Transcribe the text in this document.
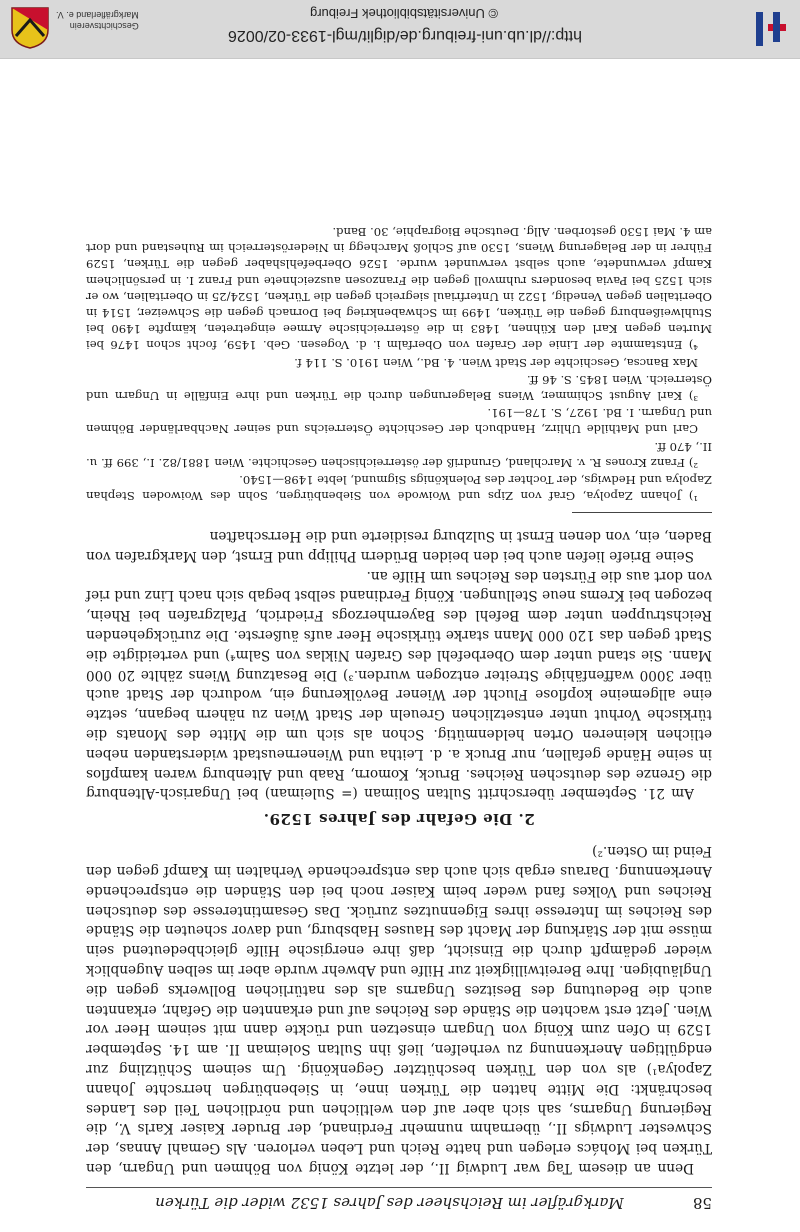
Geschichtsverein
Markgräflerland e. V.	© Universitätsbibliothek Freiburg
http://dl.ub.uni-freiburg.de/diglit/mgl-1933-02/0026
58
Markgräfler im Reichsheer des Jahres 1532 wider die Türken

Denn an diesem Tag war Ludwig II., der letzte König von Böhmen und Ungarn, den Türken bei Mohács erlegen und hatte Reich und Leben verloren. Als Gemahl Annas, der Schwester Ludwigs II., übernahm nunmehr Ferdinand, der Bruder Kaiser Karls V., die Regierung Ungarns, sah sich aber auf den weltlichen und nördlichen Teil des Landes beschränkt: Die Mitte hatten die Türken inne, in Siebenbürgen herrschte Johann Zapolya¹) als von den Türken beschützter Gegenkönig. Um seinem Schützling zur endgültigen Anerkennung zu verhelfen, ließ ihn Sultan Soleiman II. am 14. September 1529 in Ofen zum König von Ungarn einsetzen und rückte dann mit seinem Heer vor Wien. Jetzt erst wachten die Stände des Reiches auf und erkannten die Gefahr, erkannten auch die Bedeutung des Besitzes Ungarns als des natürlichen Bollwerks gegen die Ungläubigen. Ihre Bereitwilligkeit zur Hilfe und Abwehr wurde aber im selben Augenblick wieder gedämpft durch die Einsicht, daß ihre energische Hilfe gleichbedeutend sein müsse mit der Stärkung der Macht des Hauses Habsburg, und davor scheuten die Stände des Reiches im Interesse ihres Eigennutzes zurück. Das Gesamtinteresse des deutschen Reiches und Volkes fand weder beim Kaiser noch bei den Ständen die entsprechende Anerkennung. Daraus ergab sich auch das entsprechende Verhalten im Kampf gegen den Feind im Osten.²)

2. Die Gefahr des Jahres 1529.

Am 21. September überschritt Sultan Soliman (= Suleiman) bei Ungarisch-Altenburg die Grenze des deutschen Reiches. Bruck, Komorn, Raab und Altenburg waren kampflos in seine Hände gefallen, nur Bruck a. d. Leitha und Wienerneustadt widerstanden neben etlichen kleineren Orten heldenmütig. Schon als sich um die Mitte des Monats die türkische Vorhut unter entsetzlichen Greueln der Stadt Wien zu nähern begann, setzte eine allgemeine kopflose Flucht der Wiener Bevölkerung ein, wodurch der Stadt auch über 3000 waffenfähige Streiter entzogen wurden.³) Die Besatzung Wiens zählte 20 000 Mann. Sie stand unter dem Oberbefehl des Grafen Niklas von Salm⁴) und verteidigte die Stadt gegen das 120 000 Mann starke türkische Heer aufs äußerste. Die zurückgehenden Reichstruppen unter dem Befehl des Bayernherzogs Friedrich, Pfalzgrafen bei Rhein, bezogen bei Krems neue Stellungen. König Ferdinand selbst begab sich nach Linz und rief von dort aus die Fürsten des Reiches um Hilfe an.

Seine Briefe liefen auch bei den beiden Brüdern Philipp und Ernst, den Markgrafen von Baden, ein, von denen Ernst in Sulzburg residierte und die Herrschaften

¹) Johann Zapolya, Graf von Zips und Woiwode von Siebenbürgen, Sohn des Woiwoden Stephan Zapolya und Hedwigs, der Tochter des Polenkönigs Sigmund, lebte 1498—1540.

²) Franz Krones R. v. Marchland, Grundriß der österreichischen Geschichte. Wien 1881/82. I., 399 ff. u. II., 470 ff.

Carl und Mathilde Uhlirz, Handbuch der Geschichte Österreichs und seiner Nachbarländer Böhmen und Ungarn. I. Bd. 1927, S. 178—191.

³) Karl August Schimmer, Wiens Belagerungen durch die Türken und ihre Einfälle in Ungarn und Österreich. Wien 1845. S. 46 ff.

Max Bancsa, Geschichte der Stadt Wien. 4. Bd., Wien 1910. S. 114 f.

⁴) Entstammte der Linie der Grafen von Oberfalm i. d. Vogesen. Geb. 1459, focht schon 1476 bei Murten gegen Karl den Kühnen, 1483 in die österreichische Armee eingetreten, kämpfte 1490 bei Stuhlweißenburg gegen die Türken, 1499 im Schwabenkrieg bei Dornach gegen die Schweizer, 1514 in Oberitalien gegen Venedig, 1522 in Unterfriaul siegreich gegen die Türken, 1524/25 in Oberitalien, wo er sich 1525 bei Pavia besonders ruhmvoll gegen die Franzosen auszeichnete und Franz I. in persönlichem Kampf verwundete, auch selbst verwundet wurde. 1526 Oberbefehlshaber gegen die Türken, 1529 Führer in der Belagerung Wiens, 1530 auf Schloß Marchegg in Niederösterreich im Ruhestand und dort am 4. Mai 1530 gestorben. Allg. Deutsche Biographie, 30. Band.
